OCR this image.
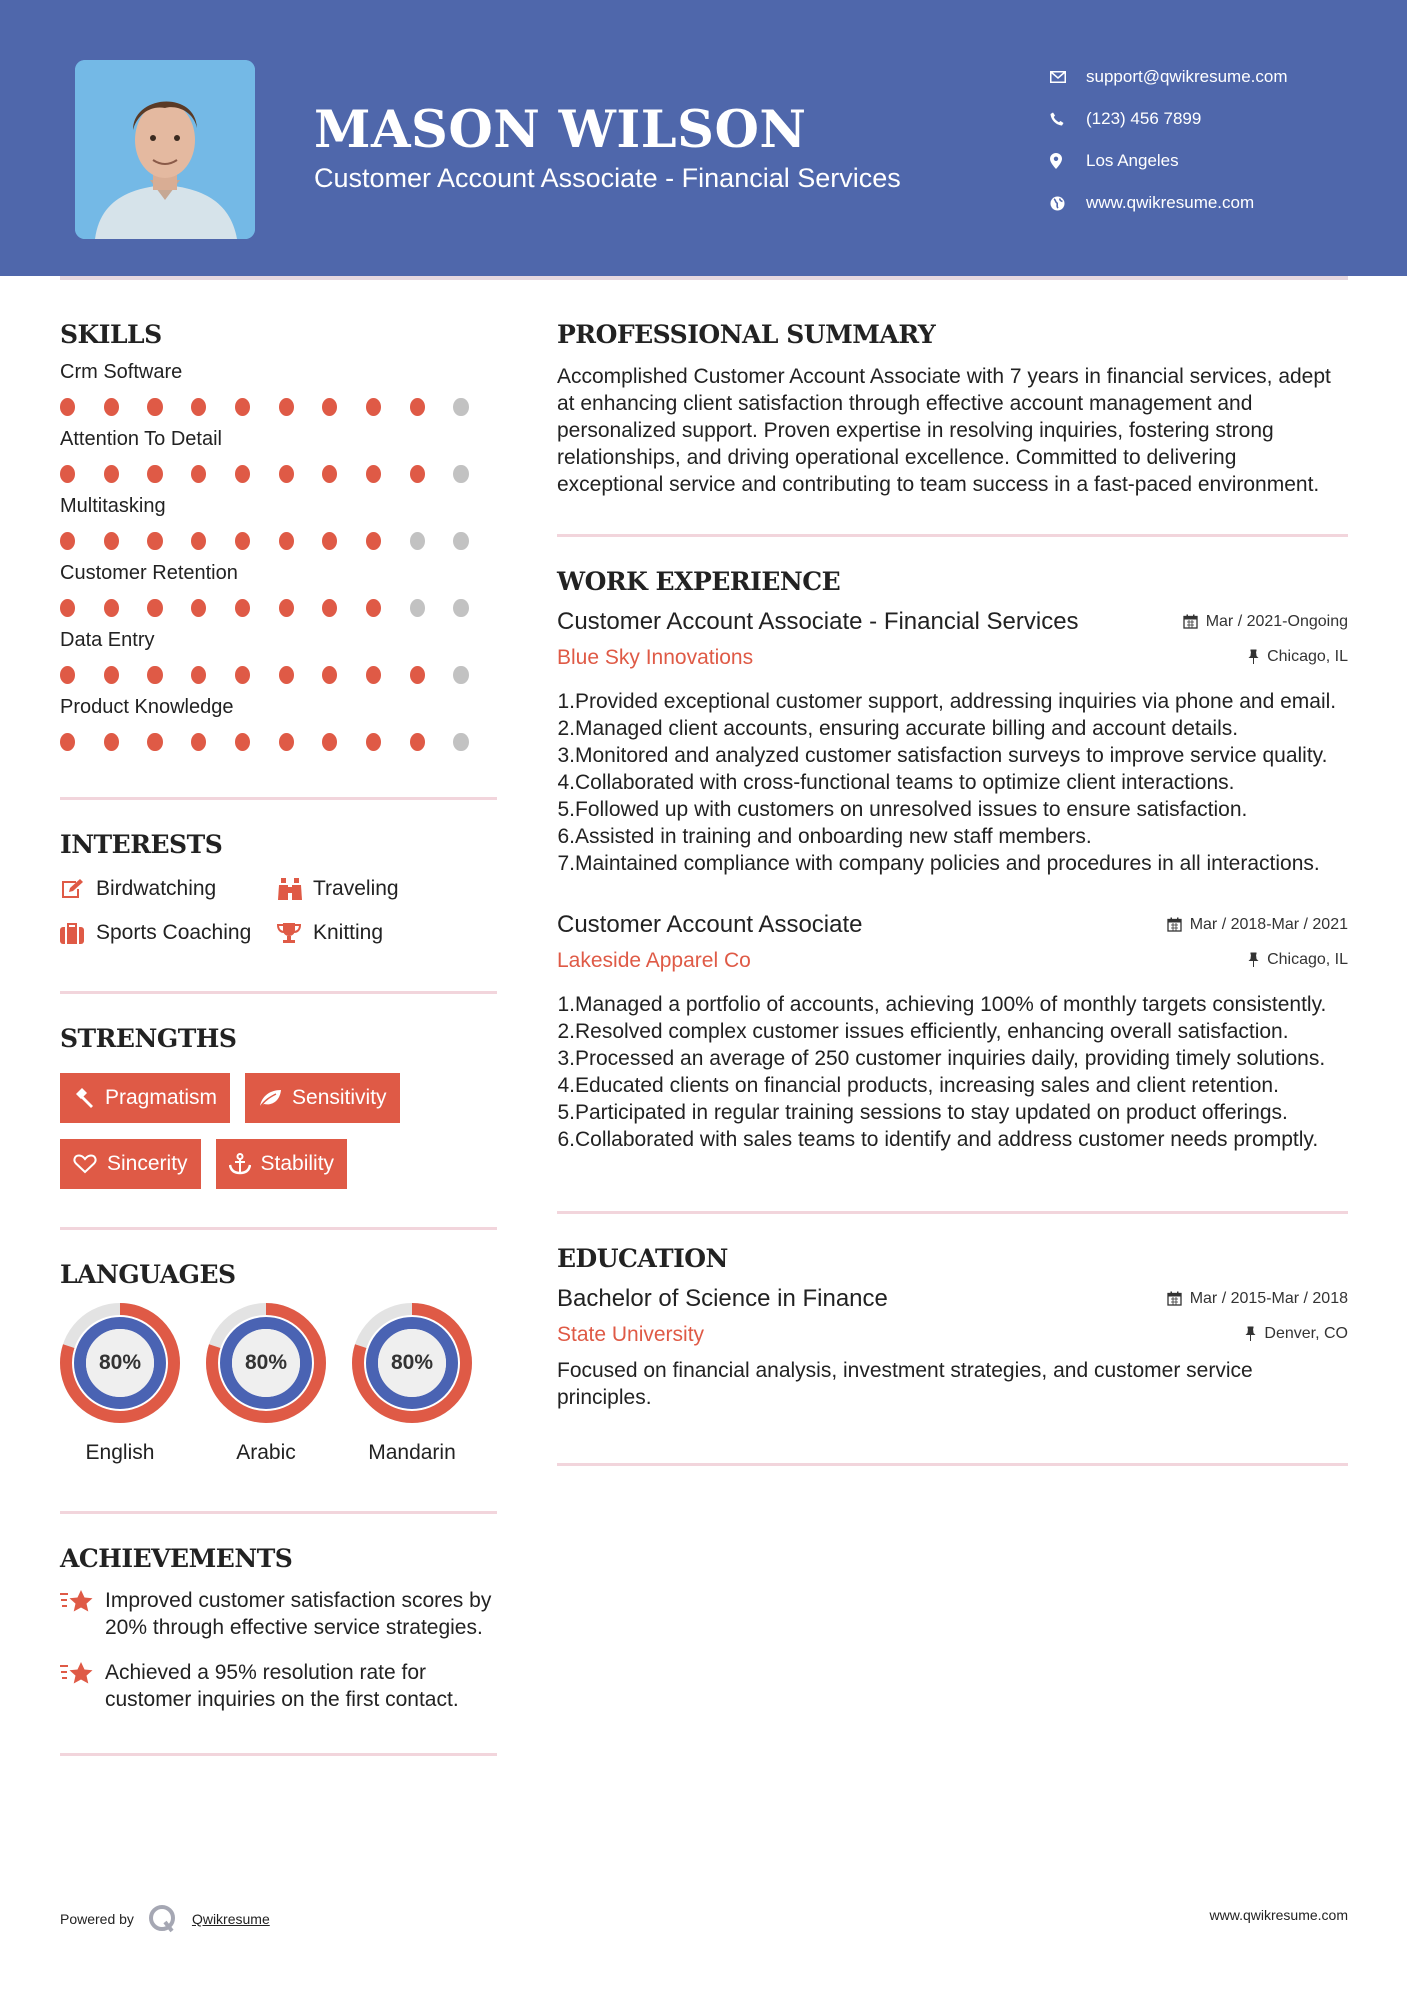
MASON WILSON
Customer Account Associate - Financial Services
support@qwikresume.com
(123) 456 7899
Los Angeles
www.qwikresume.com
SKILLS
Crm Software
Attention To Detail
Multitasking
Customer Retention
Data Entry
Product Knowledge
INTERESTS
Birdwatching	Traveling
Sports Coaching	Knitting
STRENGTHS
Pragmatism	Sensitivity
Sincerity	Stability
LANGUAGES
80%
English
80%
Arabic
80%
Mandarin
ACHIEVEMENTS
Improved customer satisfaction scores by 20% through effective service strategies.
Achieved a 95% resolution rate for customer inquiries on the first contact.
PROFESSIONAL SUMMARY

Accomplished Customer Account Associate with 7 years in financial services, adept at enhancing client satisfaction through effective account management and personalized support. Proven expertise in resolving inquiries, fostering strong relationships, and driving operational excellence. Committed to delivering exceptional service and contributing to team success in a fast-paced environment.

WORK EXPERIENCE
Customer Account Associate - Financial Services	Mar / 2021-Ongoing
Blue Sky Innovations	Chicago, IL
1. Provided exceptional customer support, addressing inquiries via phone and email.
2. Managed client accounts, ensuring accurate billing and account details.
3. Monitored and analyzed customer satisfaction surveys to improve service quality.
4. Collaborated with cross-functional teams to optimize client interactions.
5. Followed up with customers on unresolved issues to ensure satisfaction.
6. Assisted in training and onboarding new staff members.
7. Maintained compliance with company policies and procedures in all interactions.
Customer Account Associate	Mar / 2018-Mar / 2021
Lakeside Apparel Co	Chicago, IL
1. Managed a portfolio of accounts, achieving 100% of monthly targets consistently.
2. Resolved complex customer issues efficiently, enhancing overall satisfaction.
3. Processed an average of 250 customer inquiries daily, providing timely solutions.
4. Educated clients on financial products, increasing sales and client retention.
5. Participated in regular training sessions to stay updated on product offerings.
6. Collaborated with sales teams to identify and address customer needs promptly.
EDUCATION
Bachelor of Science in Finance	Mar / 2015-Mar / 2018
State University	Denver, CO

Focused on financial analysis, investment strategies, and customer service principles.

Powered by	Qwikresume	www.qwikresume.com
